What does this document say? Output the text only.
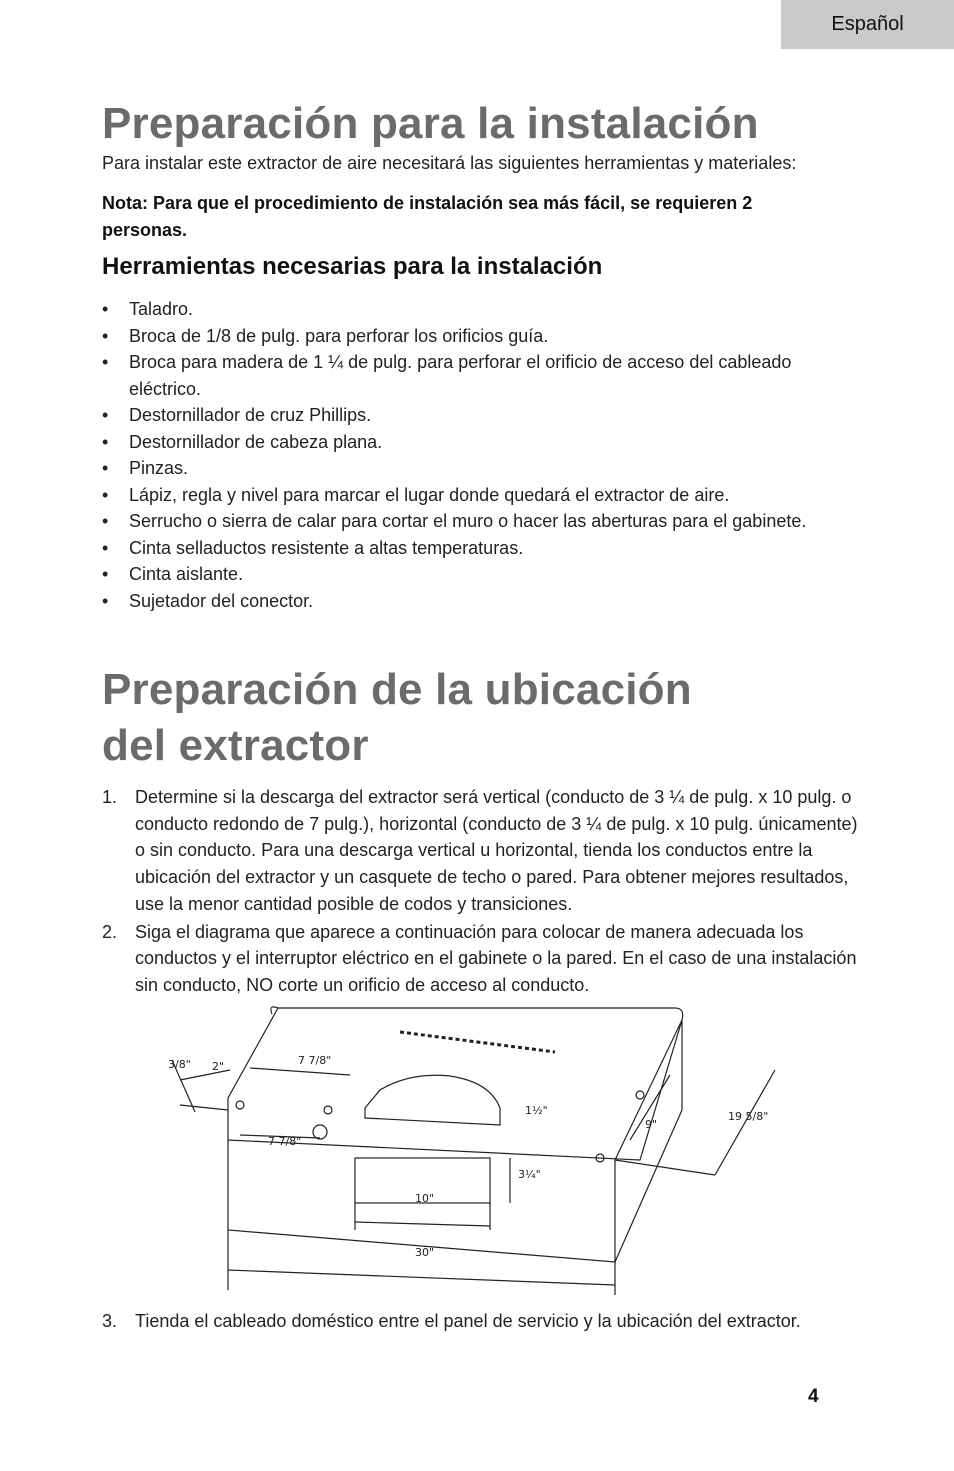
Español
Preparación para la instalación
Para instalar este extractor de aire necesitará las siguientes herramientas y materiales:
Nota: Para que el procedimiento de instalación sea más fácil, se requieren 2 personas.
Herramientas necesarias para la instalación
• Taladro.
• Broca de 1/8 de pulg. para perforar los orificios guía.
• Broca para madera de 1 ¼ de pulg. para perforar el orificio de acceso del cableado eléctrico.
• Destornillador de cruz Phillips.
• Destornillador de cabeza plana.
• Pinzas.
• Lápiz, regla y nivel para marcar el lugar donde quedará el extractor de aire.
• Serrucho o sierra de calar para cortar el muro o hacer las aberturas para el gabinete.
• Cinta sellaductos resistente a altas temperaturas.
• Cinta aislante.
• Sujetador del conector.
Preparación de la ubicación
del extractor
1. Determine si la descarga del extractor será vertical (conducto de 3 ¼ de pulg. x 10 pulg. o conducto redondo de 7 pulg.), horizontal (conducto de 3 ¼ de pulg. x 10 pulg. únicamente) o sin conducto. Para una descarga vertical u horizontal, tienda los conductos entre la ubicación del extractor y un casquete de techo o pared. Para obtener mejores resultados, use la menor cantidad posible de codos y transiciones.
2. Siga el diagrama que aparece a continuación para colocar de manera adecuada los conductos y el interruptor eléctrico en el gabinete o la pared. En el caso de una instalación sin conducto, NO corte un orificio de acceso al conducto.
3/8" 2"	7 7/8"
7 7/8"
1½"
3¼"
10"
30"
9"
19 5/8"
3. Tienda el cableado doméstico entre el panel de servicio y la ubicación del extractor.
4
